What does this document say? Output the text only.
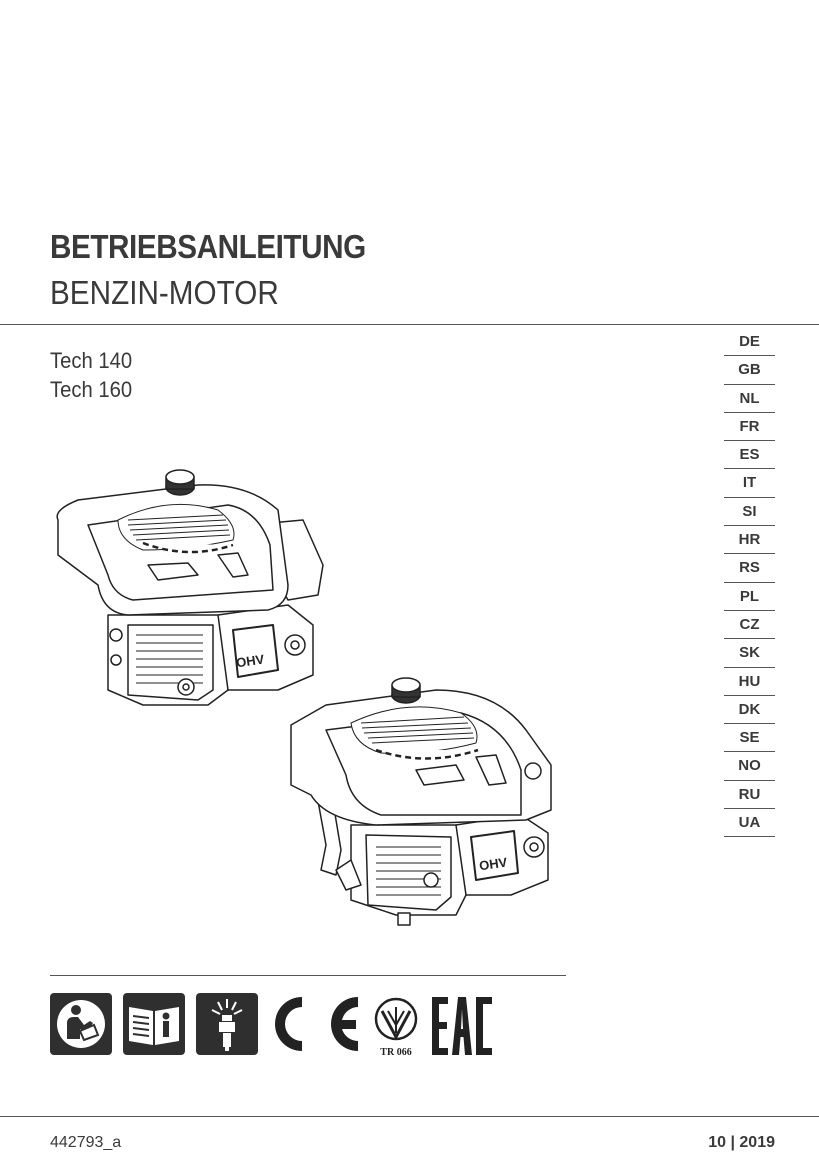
BETRIEBSANLEITUNG
BENZIN-MOTOR
Tech 140
Tech 160
DE
GB
NL
FR
ES
IT
SI
HR
RS
PL
CZ
SK
HU
DK
SE
NO
RU
UA
OHV
OHV
TR 066
442793_a	10 | 2019
